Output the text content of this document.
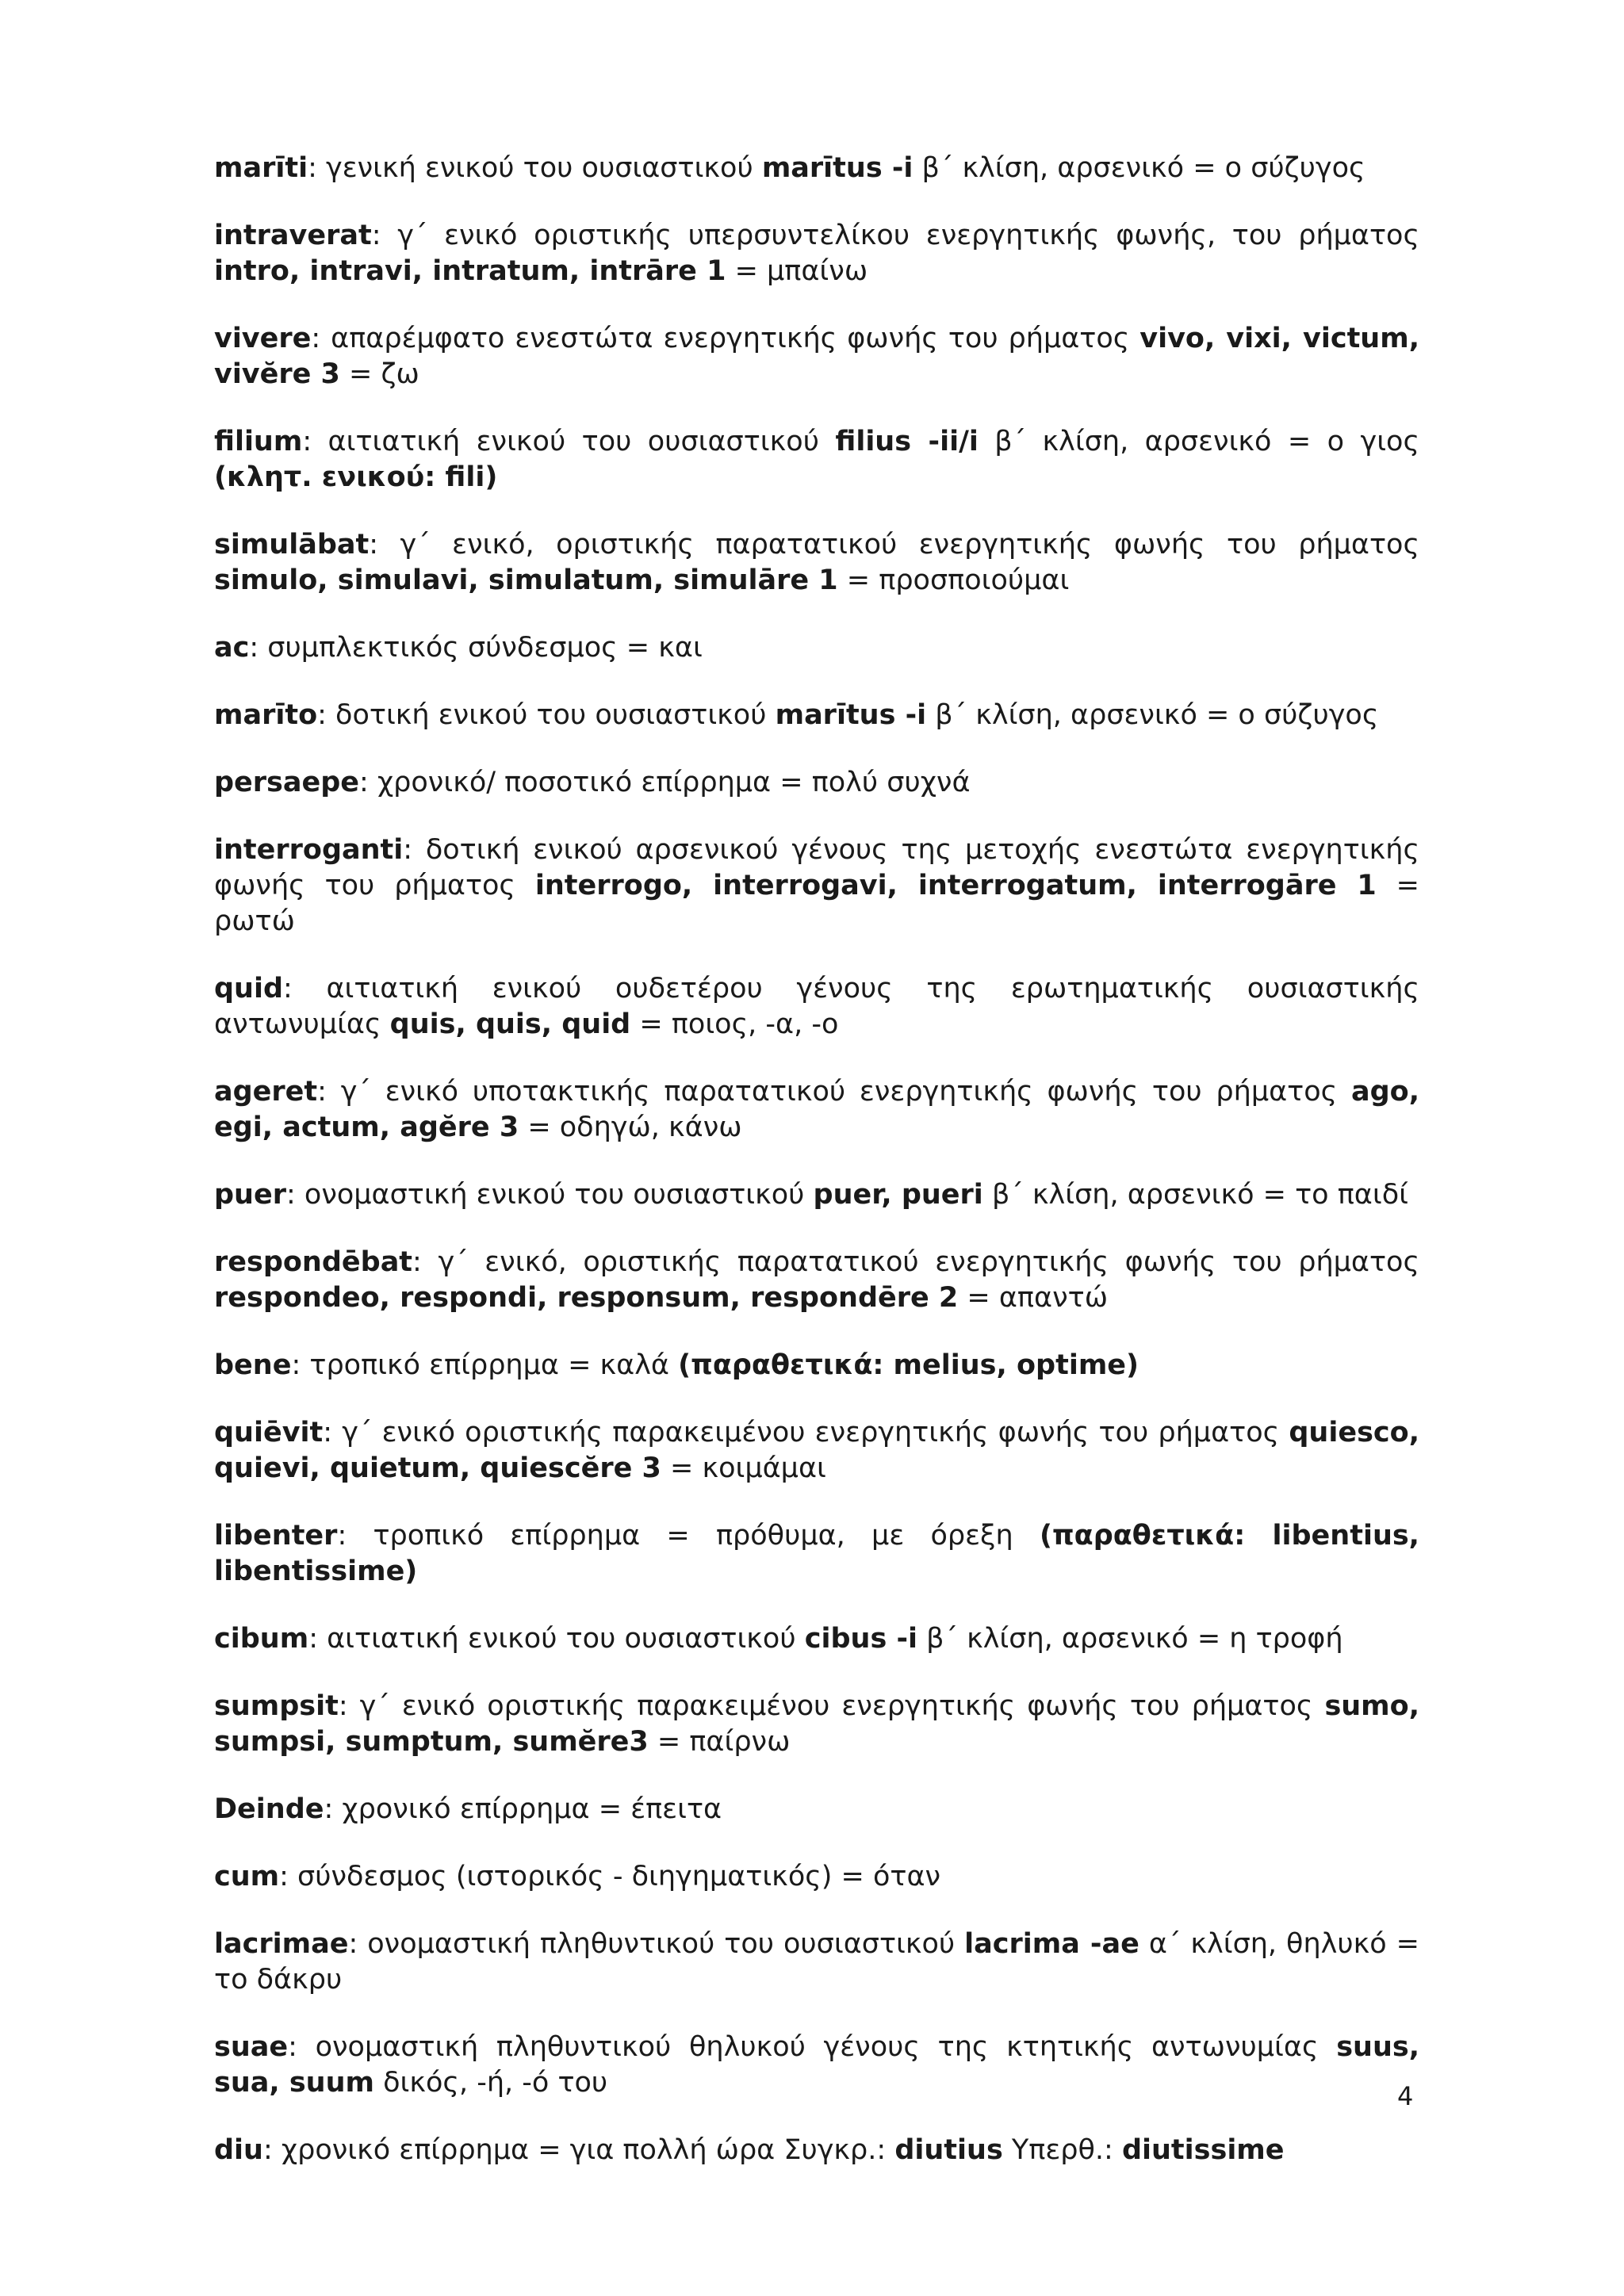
marīti: γενική ενικού του ουσιαστικού marītus -i β΄ κλίση, αρσενικό = ο σύζυγος

intraverat: γ΄ ενικό οριστικής υπερσυντελίκου ενεργητικής φωνής, του ρήματος intro, intravi, intratum, intrāre 1 = μπαίνω

vivere: απαρέμφατο ενεστώτα ενεργητικής φωνής του ρήματος vivo, vixi, victum, vivĕre 3 = ζω

filium: αιτιατική ενικού του ουσιαστικού filius -ii/i β΄ κλίση, αρσενικό = ο γιος (κλητ. ενικού: fili)

simulābat: γ΄ ενικό, οριστικής παρατατικού ενεργητικής φωνής του ρήματος simulo, simulavi, simulatum, simulāre 1 = προσποιούμαι

ac: συμπλεκτικός σύνδεσμος = και

marīto: δοτική ενικού του ουσιαστικού marītus -i β΄ κλίση, αρσενικό = ο σύζυγος

persaepe: χρονικό/ ποσοτικό επίρρημα = πολύ συχνά

interroganti: δοτική ενικού αρσενικού γένους της μετοχής ενεστώτα ενεργητικής φωνής του ρήματος interrogo, interrogavi, interrogatum, interrogāre 1 = ρωτώ

quid: αιτιατική ενικού ουδετέρου γένους της ερωτηματικής ουσιαστικής αντωνυμίας quis, quis, quid = ποιος, -α, -ο

ageret: γ΄ ενικό υποτακτικής παρατατικού ενεργητικής φωνής του ρήματος ago, egi, actum, agĕre 3 = οδηγώ, κάνω

puer: ονομαστική ενικού του ουσιαστικού puer, pueri β΄ κλίση, αρσενικό = το παιδί

respondēbat: γ΄ ενικό, οριστικής παρατατικού ενεργητικής φωνής του ρήματος respondeo, respondi, responsum, respondēre 2 = απαντώ

bene: τροπικό επίρρημα = καλά (παραθετικά: melius, optime)

quiēvit: γ΄ ενικό οριστικής παρακειμένου ενεργητικής φωνής του ρήματος quiesco, quievi, quietum, quiescĕre 3 = κοιμάμαι

libenter: τροπικό επίρρημα = πρόθυμα, με όρεξη (παραθετικά: libentius, libentissime)

cibum: αιτιατική ενικού του ουσιαστικού cibus -i β΄ κλίση, αρσενικό = η τροφή

sumpsit: γ΄ ενικό οριστικής παρακειμένου ενεργητικής φωνής του ρήματος sumo, sumpsi, sumptum, sumĕre3 = παίρνω

Deinde: χρονικό επίρρημα = έπειτα

cum: σύνδεσμος (ιστορικός - διηγηματικός) = όταν

lacrimae: ονομαστική πληθυντικού του ουσιαστικού lacrima -ae α΄ κλίση, θηλυκό = το δάκρυ

suae: ονομαστική πληθυντικού θηλυκού γένους της κτητικής αντωνυμίας suus, sua, suum δικός, -ή, -ό του

diu: χρονικό επίρρημα = για πολλή ώρα Συγκρ.: diutius Υπερθ.: diutissime

4
